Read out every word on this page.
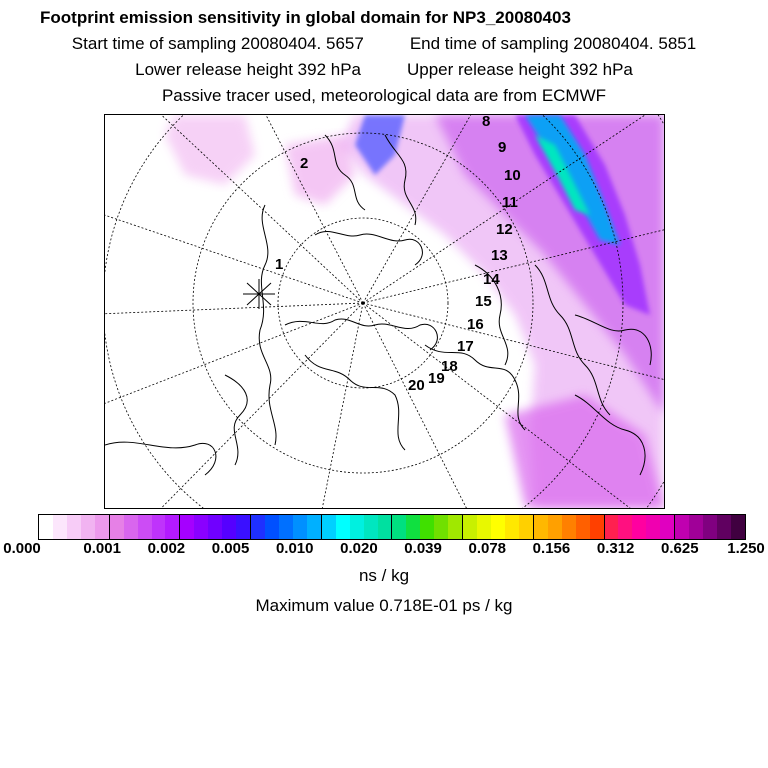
Footprint emission sensitivity in global domain for NP3_20080403
Start time of sampling 20080404. 5657	End time of sampling 20080404. 5851
Lower release height 392 hPa	Upper release height 392 hPa
Passive tracer used, meteorological data are from ECMWF
1
2
8
9
10
11
12
13
14
15
16
17
18
19
20
0.000	0.001 0.002 0.005 0.010 0.020 0.039 0.078 0.156 0.312 0.625 1.250
ns / kg
Maximum value 0.718E-01 ps / kg
